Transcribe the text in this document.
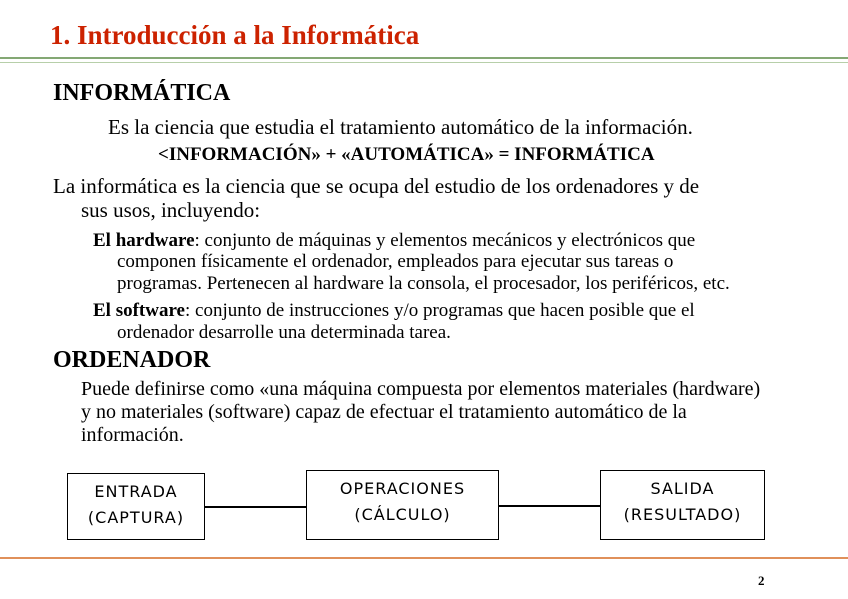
1. Introducción a la Informática
INFORMÁTICA
Es la ciencia que estudia el tratamiento automático de la información.
<INFORMACIÓN» + «AUTOMÁTICA» = INFORMÁTICA
La informática es la ciencia que se ocupa del estudio de los ordenadores y de
sus usos, incluyendo:
El hardware: conjunto de máquinas y elementos mecánicos y electrónicos que
componen físicamente el ordenador, empleados para ejecutar sus tareas o
programas. Pertenecen al hardware la consola, el procesador, los periféricos, etc.
El software: conjunto de instrucciones y/o programas que hacen posible que el
ordenador desarrolle una determinada tarea.
ORDENADOR
Puede definirse como «una máquina compuesta por elementos materiales (hardware)
y no materiales (software) capaz de efectuar el tratamiento automático de la
información.
ENTRADA
(CAPTURA)
OPERACIONES
(CÁLCULO)
SALIDA
(RESULTADO)
2
